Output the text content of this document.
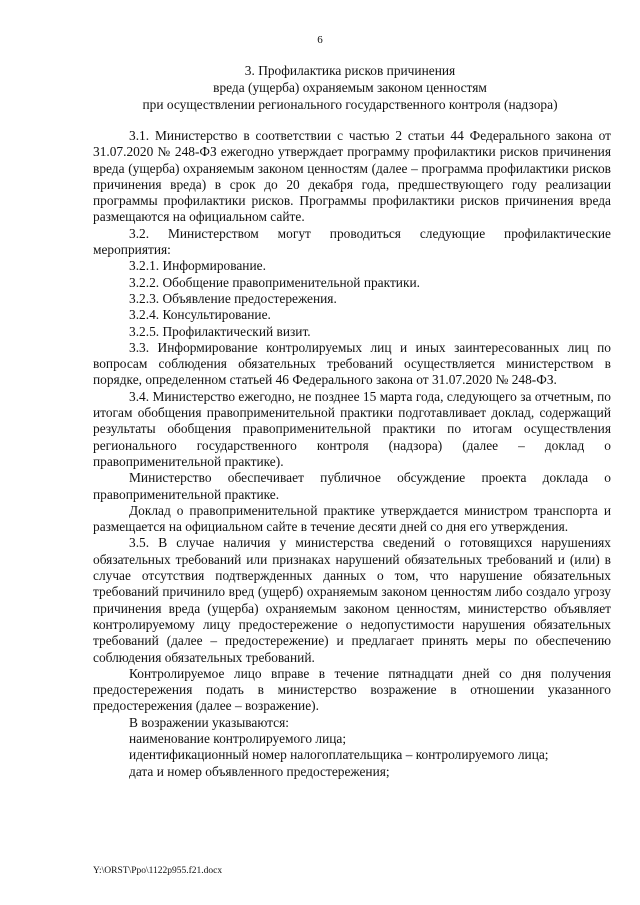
6
3. Профилактика рисков причинения
вреда (ущерба) охраняемым законом ценностям
при осуществлении регионального государственного контроля (надзора)

3.1. Министерство в соответствии с частью 2 статьи 44 Федерального закона от 31.07.2020 № 248-ФЗ ежегодно утверждает программу профилактики рисков причинения вреда (ущерба) охраняемым законом ценностям (далее – программа профилактики рисков причинения вреда) в срок до 20 декабря года, предшествующего году реализации программы профилактики рисков. Программы профилактики рисков причинения вреда размещаются на официальном сайте.

3.2. Министерством могут проводиться следующие профилактические мероприятия:

3.2.1. Информирование.

3.2.2. Обобщение правоприменительной практики.

3.2.3. Объявление предостережения.

3.2.4. Консультирование.

3.2.5. Профилактический визит.

3.3. Информирование контролируемых лиц и иных заинтересованных лиц по вопросам соблюдения обязательных требований осуществляется министерством в порядке, определенном статьей 46 Федерального закона от 31.07.2020 № 248-ФЗ.

3.4. Министерство ежегодно, не позднее 15 марта года, следующего за отчетным, по итогам обобщения правоприменительной практики подготавливает доклад, содержащий результаты обобщения правоприменительной практики по итогам осуществления регионального государственного контроля (надзора) (далее – доклад о правоприменительной практике).

Министерство обеспечивает публичное обсуждение проекта доклада о правоприменительной практике.

Доклад о правоприменительной практике утверждается министром транспорта и размещается на официальном сайте в течение десяти дней со дня его утверждения.

3.5. В случае наличия у министерства сведений о готовящихся нарушениях обязательных требований или признаках нарушений обязательных требований и (или) в случае отсутствия подтвержденных данных о том, что нарушение обязательных требований причинило вред (ущерб) охраняемым законом ценностям либо создало угрозу причинения вреда (ущерба) охраняемым законом ценностям, министерство объявляет контролируемому лицу предостережение о недопустимости нарушения обязательных требований (далее – предостережение) и предлагает принять меры по обеспечению соблюдения обязательных требований.

Контролируемое лицо вправе в течение пятнадцати дней со дня получения предостережения подать в министерство возражение в отношении указанного предостережения (далее – возражение).

В возражении указываются:

наименование контролируемого лица;

идентификационный номер налогоплательщика – контролируемого лица;

дата и номер объявленного предостережения;

Y:\ORST\Ppo\1122p955.f21.docx
